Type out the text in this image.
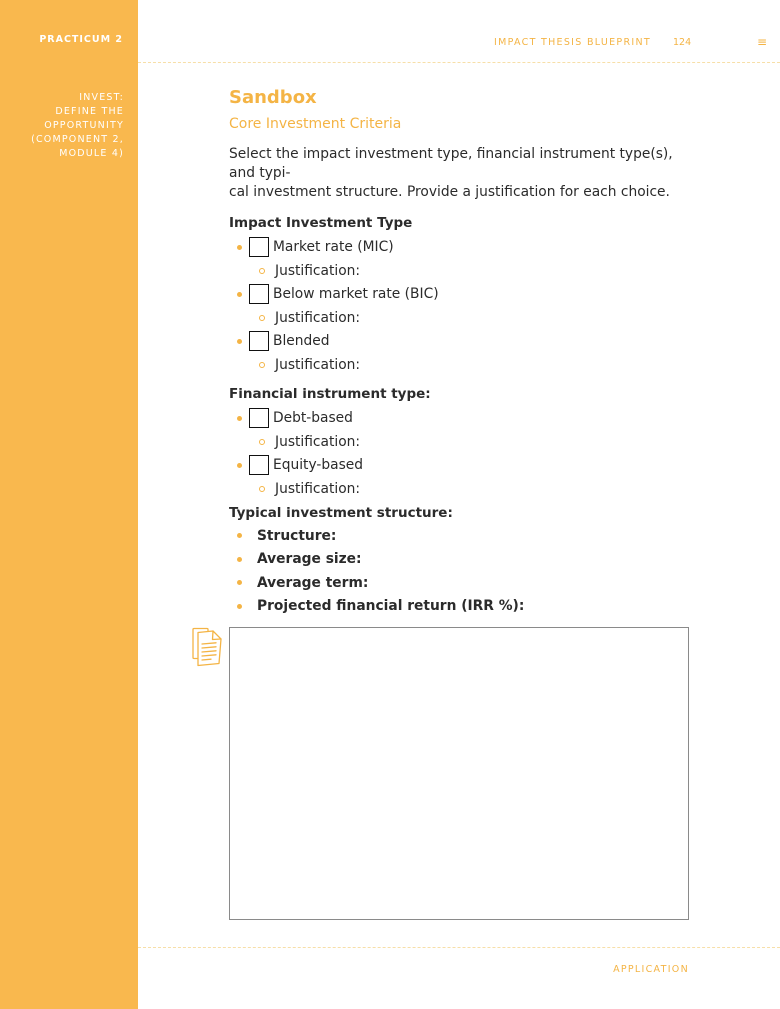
PRACTICUM 2
INVEST:
DEFINE THE
OPPORTUNITY
(COMPONENT 2,
MODULE 4)
IMPACT THESIS BLUEPRINT 124	≡
Sandbox
Core Investment Criteria
Select the impact investment type, financial instrument type(s), and typi-
cal investment structure. Provide a justification for each choice.
Impact Investment Type
Market rate (MIC)
Justification:
Below market rate (BIC)
Justification:
Blended
Justification:
Financial instrument type:
Debt-based
Justification:
Equity-based
Justification:
Typical investment structure:
Structure:
Average size:
Average term:
Projected financial return (IRR %):
APPLICATION
